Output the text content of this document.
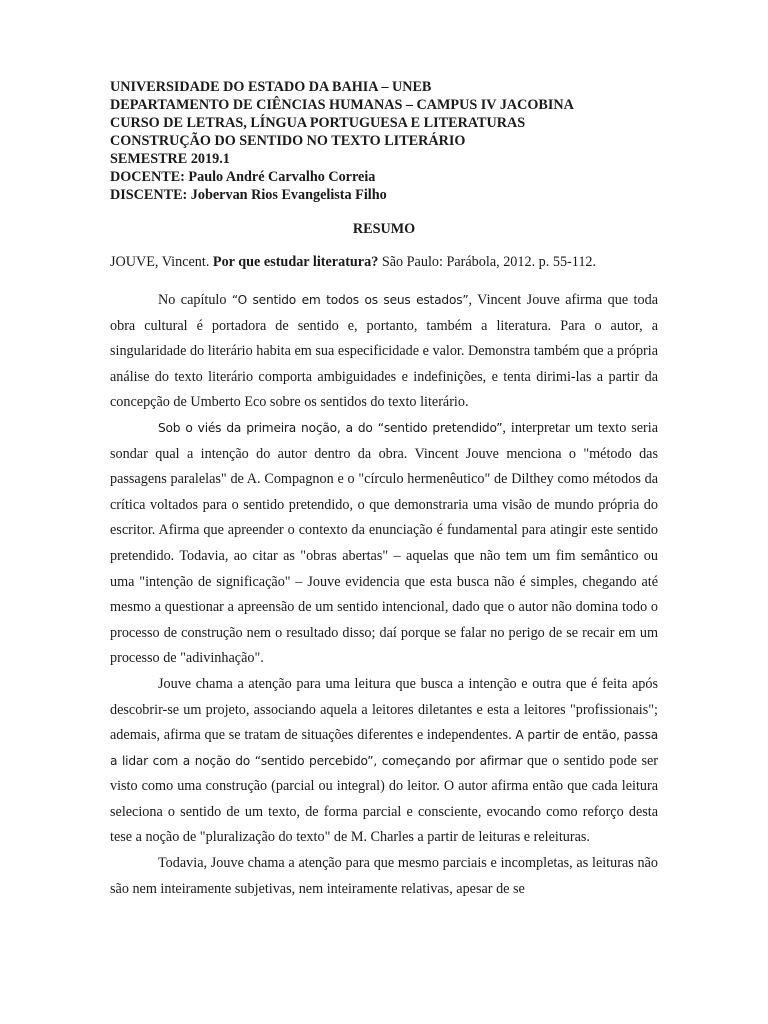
UNIVERSIDADE DO ESTADO DA BAHIA – UNEB

DEPARTAMENTO DE CIÊNCIAS HUMANAS – CAMPUS IV JACOBINA

CURSO DE LETRAS, LÍNGUA PORTUGUESA E LITERATURAS

CONSTRUÇÃO DO SENTIDO NO TEXTO LITERÁRIO

SEMESTRE 2019.1

DOCENTE: Paulo André Carvalho Correia

DISCENTE: Jobervan Rios Evangelista Filho

RESUMO
JOUVE, Vincent. Por que estudar literatura? São Paulo: Parábola, 2012. p. 55-112.

No capítulo “O sentido em todos os seus estados”, Vincent Jouve afirma que toda obra cultural é portadora de sentido e, portanto, também a literatura. Para o autor, a singularidade do literário habita em sua especificidade e valor. Demonstra também que a própria análise do texto literário comporta ambiguidades e indefinições, e tenta dirimi-las a partir da concepção de Umberto Eco sobre os sentidos do texto literário.

Sob o viés da primeira noção, a do “sentido pretendido”, interpretar um texto seria sondar qual a intenção do autor dentro da obra. Vincent Jouve menciona o "método das passagens paralelas" de A. Compagnon e o "círculo hermenêutico" de Dilthey como métodos da crítica voltados para o sentido pretendido, o que demonstraria uma visão de mundo própria do escritor. Afirma que apreender o contexto da enunciação é fundamental para atingir este sentido pretendido. Todavia, ao citar as "obras abertas" – aquelas que não tem um fim semântico ou uma "intenção de significação" – Jouve evidencia que esta busca não é simples, chegando até mesmo a questionar a apreensão de um sentido intencional, dado que o autor não domina todo o processo de construção nem o resultado disso; daí porque se falar no perigo de se recair em um processo de "adivinhação".

Jouve chama a atenção para uma leitura que busca a intenção e outra que é feita após descobrir-se um projeto, associando aquela a leitores diletantes e esta a leitores "profissionais"; ademais, afirma que se tratam de situações diferentes e independentes. A partir de então, passa a lidar com a noção do “sentido percebido”, começando por afirmar que o sentido pode ser visto como uma construção (parcial ou integral) do leitor. O autor afirma então que cada leitura seleciona o sentido de um texto, de forma parcial e consciente, evocando como reforço desta tese a noção de "pluralização do texto" de M. Charles a partir de leituras e releituras.

Todavia, Jouve chama a atenção para que mesmo parciais e incompletas, as leituras não são nem inteiramente subjetivas, nem inteiramente relativas, apesar de se
